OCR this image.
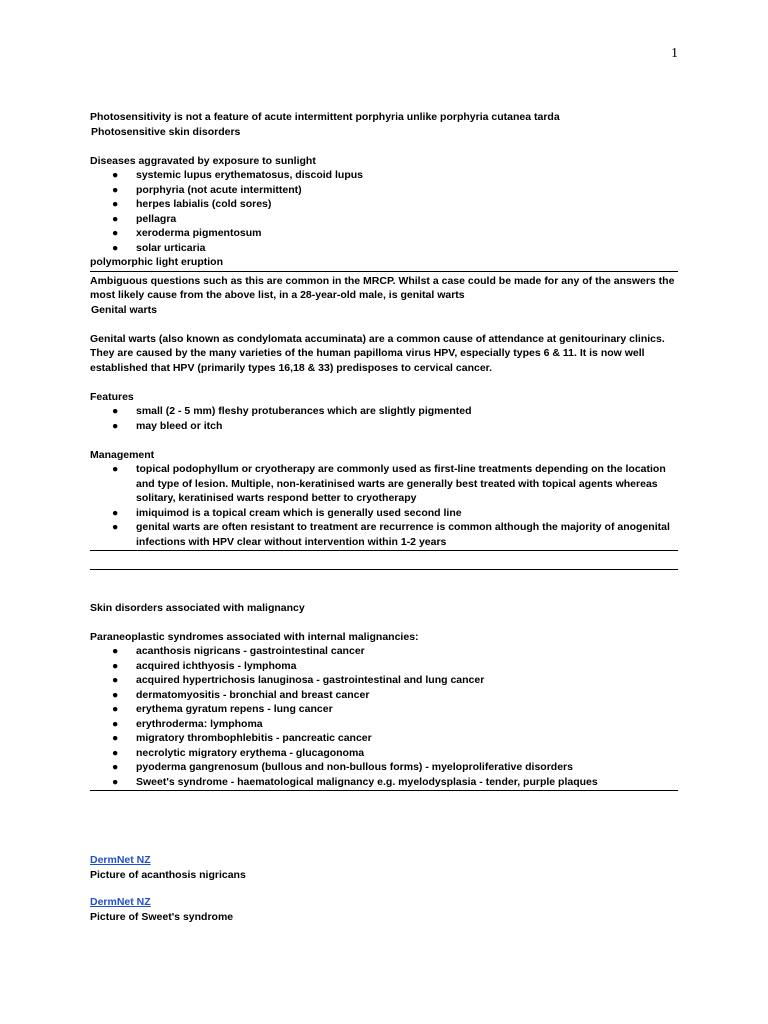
1

Photosensitivity is not a feature of acute intermittent porphyria unlike porphyria cutanea tarda

Photosensitive skin disorders

Diseases aggravated by exposure to sunlight

● systemic lupus erythematosus, discoid lupus
● porphyria (not acute intermittent)
● herpes labialis (cold sores)
● pellagra
● xeroderma pigmentosum
● solar urticaria

polymorphic light eruption

Ambiguous questions such as this are common in the MRCP. Whilst a case could be made for any of the answers the most likely cause from the above list, in a 28-year-old male, is genital warts

Genital warts

Genital warts (also known as condylomata accuminata) are a common cause of attendance at genitourinary clinics. They are caused by the many varieties of the human papilloma virus HPV, especially types 6 & 11. It is now well established that HPV (primarily types 16,18 & 33) predisposes to cervical cancer.

Features

● small (2 - 5 mm) fleshy protuberances which are slightly pigmented
● may bleed or itch

Management

● topical podophyllum or cryotherapy are commonly used as first-line treatments depending on the location and type of lesion. Multiple, non-keratinised warts are generally best treated with topical agents whereas solitary, keratinised warts respond better to cryotherapy
● imiquimod is a topical cream which is generally used second line
● genital warts are often resistant to treatment are recurrence is common although the majority of anogenital infections with HPV clear without intervention within 1-2 years

Skin disorders associated with malignancy

Paraneoplastic syndromes associated with internal malignancies:

● acanthosis nigricans - gastrointestinal cancer
● acquired ichthyosis - lymphoma
● acquired hypertrichosis lanuginosa - gastrointestinal and lung cancer
● dermatomyositis - bronchial and breast cancer
● erythema gyratum repens - lung cancer
● erythroderma: lymphoma
● migratory thrombophlebitis - pancreatic cancer
● necrolytic migratory erythema - glucagonoma
● pyoderma gangrenosum (bullous and non-bullous forms) - myeloproliferative disorders
● Sweet's syndrome - haematological malignancy e.g. myelodysplasia - tender, purple plaques
DermNet NZ

Picture of acanthosis nigricans

DermNet NZ

Picture of Sweet's syndrome
